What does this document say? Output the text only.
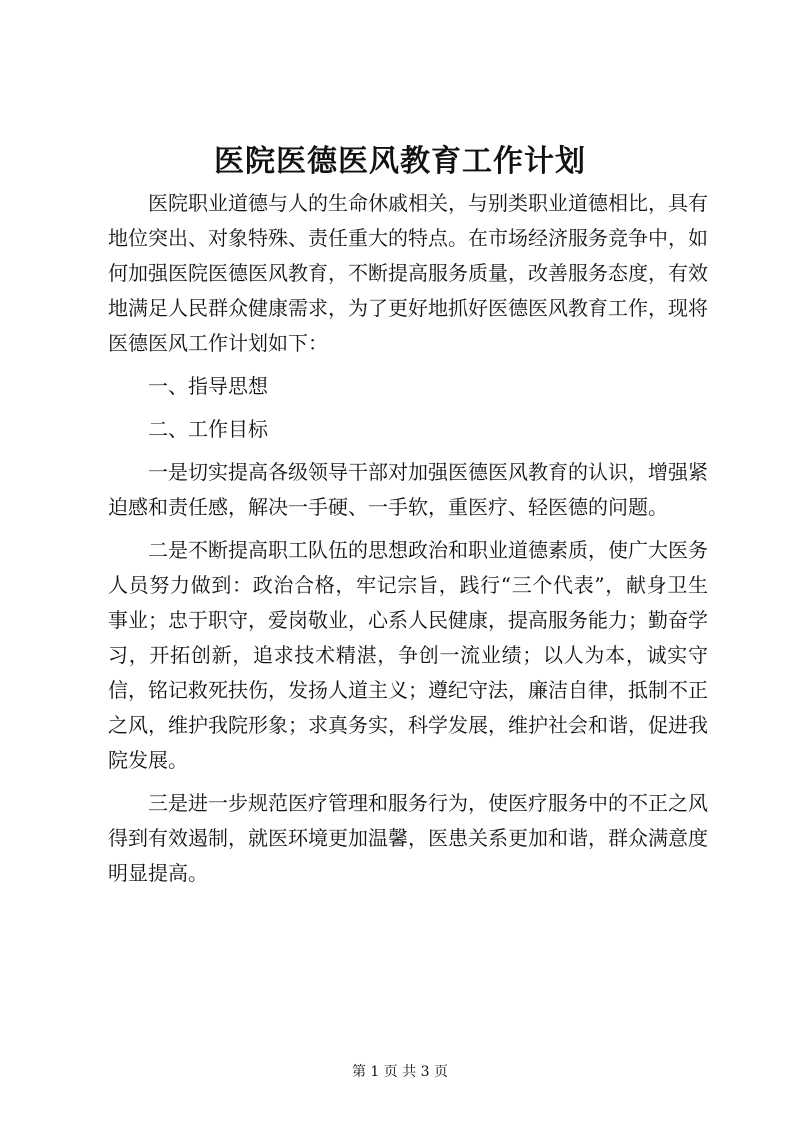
医院医德医风教育工作计划

医院职业道德与人的生命休戚相关，与别类职业道德相比，具有地位突出、对象特殊、责任重大的特点。在市场经济服务竞争中，如何加强医院医德医风教育，不断提高服务质量，改善服务态度，有效地满足人民群众健康需求，为了更好地抓好医德医风教育工作，现将医德医风工作计划如下：

一、指导思想

二、工作目标

一是切实提高各级领导干部对加强医德医风教育的认识，增强紧迫感和责任感，解决一手硬、一手软，重医疗、轻医德的问题。

二是不断提高职工队伍的思想政治和职业道德素质，使广大医务人员努力做到：政治合格，牢记宗旨，践行“三个代表”，献身卫生事业；忠于职守，爱岗敬业，心系人民健康，提高服务能力；勤奋学习，开拓创新，追求技术精湛，争创一流业绩；以人为本，诚实守信，铭记救死扶伤，发扬人道主义；遵纪守法，廉洁自律，抵制不正之风，维护我院形象；求真务实，科学发展，维护社会和谐，促进我院发展。

三是进一步规范医疗管理和服务行为，使医疗服务中的不正之风得到有效遏制，就医环境更加温馨，医患关系更加和谐，群众满意度明显提高。

第 1 页 共 3 页
